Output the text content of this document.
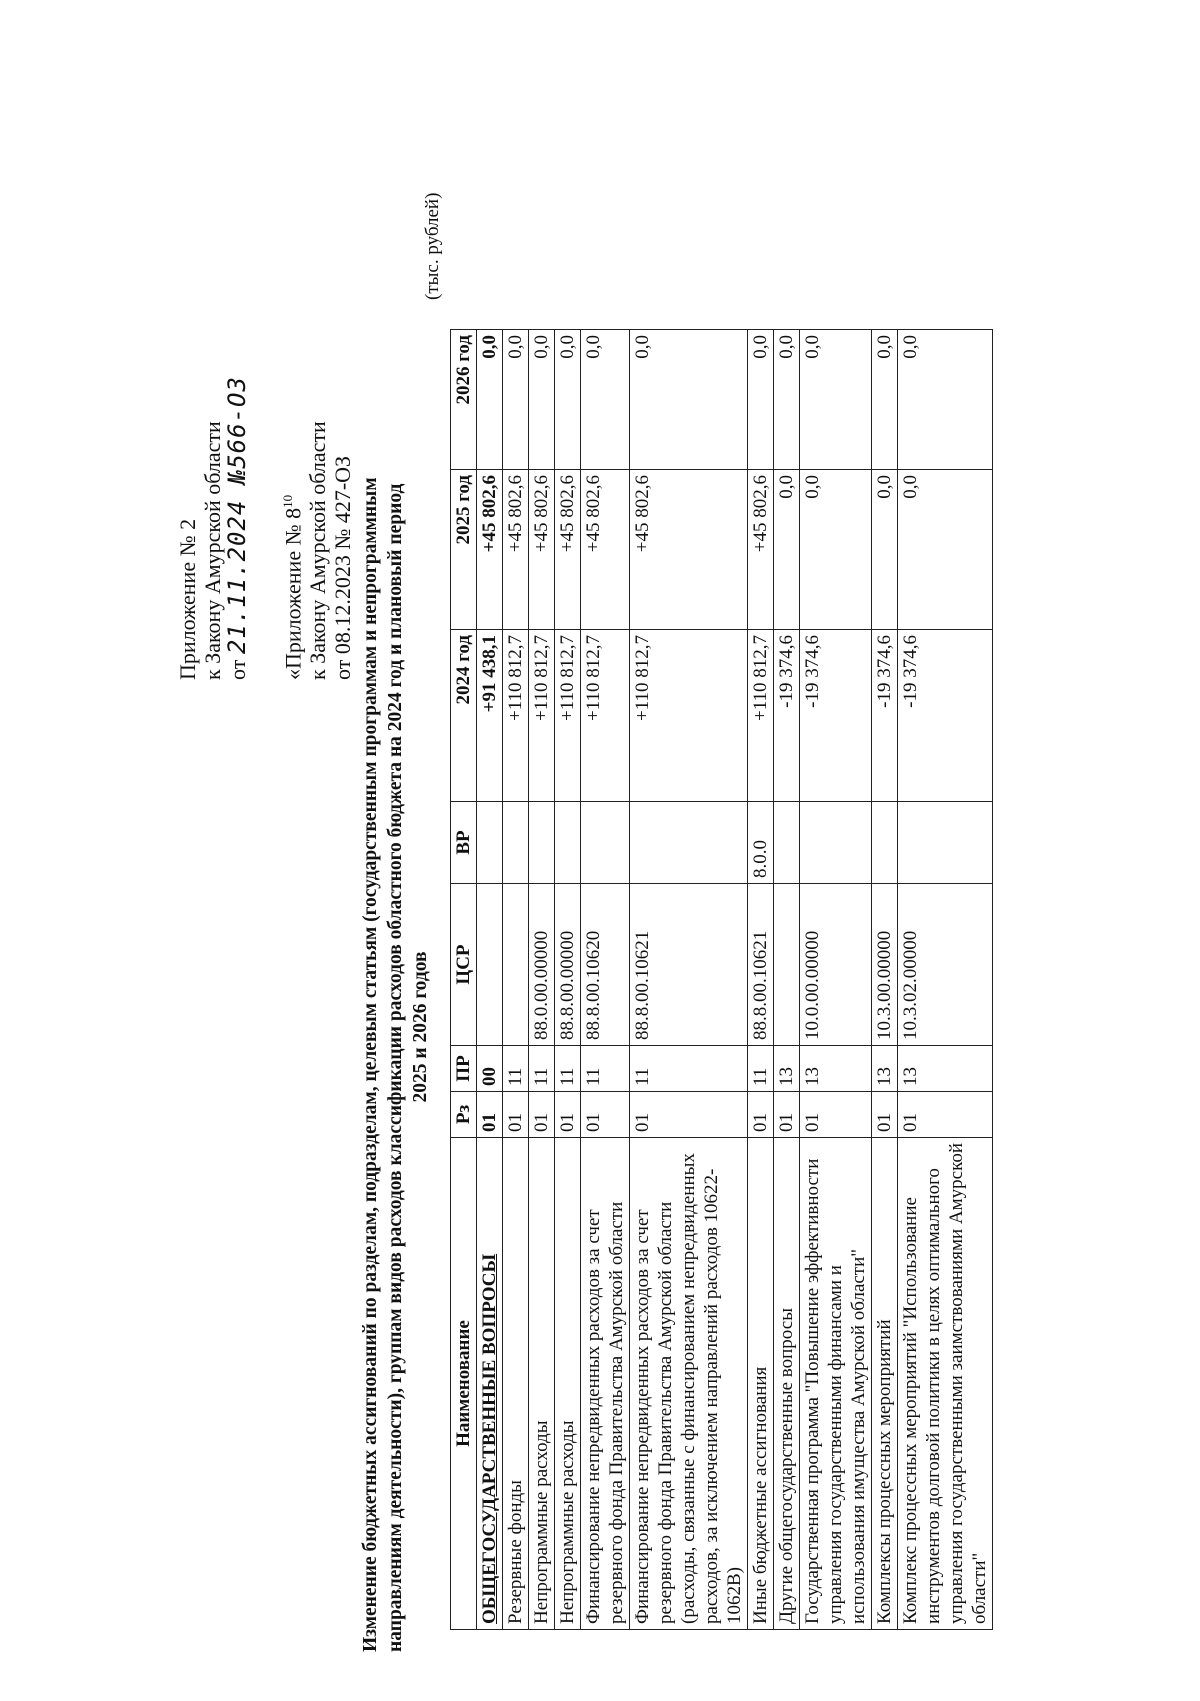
Приложение № 2 к Закону Амурской области от 21.11.2024 №566-ОЗ «Приложение № $8^{10}$ к Закону Амурской области от 08.12.2023 № 427-ОЗ Изменение бюджетных ассигнований по разделам, подразделам, целевым статьям (государственным программам и непрограммным направлениям деятельности), группам видов расходов классификации расходов областного бюджета на 2024 год и плановый период 2025 и 2026 годов
(тыс. рублей)
Наименование	Рз	ПР	ЦСР	ВР	2024 год	2025 год	2026 год
ОБЩЕГОСУДАРСТВЕННЫЕ ВОПРОСЫ	01	00			+91 438,1	+45 802,6	0,0
Резервные фонды	01	11			+110 812,7	+45 802,6	0,0
Непрограммные расходы	01	11	88.0.00.00000		+110 812,7	+45 802,6	0,0
Непрограммные расходы	01	11	88.8.00.00000		+110 812,7	+45 802,6	0,0
Финансирование непредвиденных расходов за счет резервного фонда Правительства Амурской области	01	11	88.8.00.10620		+110 812,7	+45 802,6	0,0
Финансирование непредвиденных расходов за счет резервного фонда Правительства Амурской области (расходы, связанные с финансированием непредвиденных расходов, за исключением направлений расходов 10622-1062В)	01	11	88.8.00.10621		+110 812,7	+45 802,6	0,0
Иные бюджетные ассигнования	01	11	88.8.00.10621	8.0.0	+110 812,7	+45 802,6	0,0
Другие общегосударственные вопросы	01	13			-19 374,6	0,0	0,0
Государственная программа "Повышение эффективности управления государственными финансами и использования имущества Амурской области"	01	13	10.0.00.00000		-19 374,6	0,0	0,0
Комплексы процессных мероприятий	01	13	10.3.00.00000		-19 374,6	0,0	0,0
Комплекс процессных мероприятий "Использование инструментов долговой политики в целях оптимального управления государственными заимствованиями Амурской области"	01	13	10.3.02.00000		-19 374,6	0,0	0,0
